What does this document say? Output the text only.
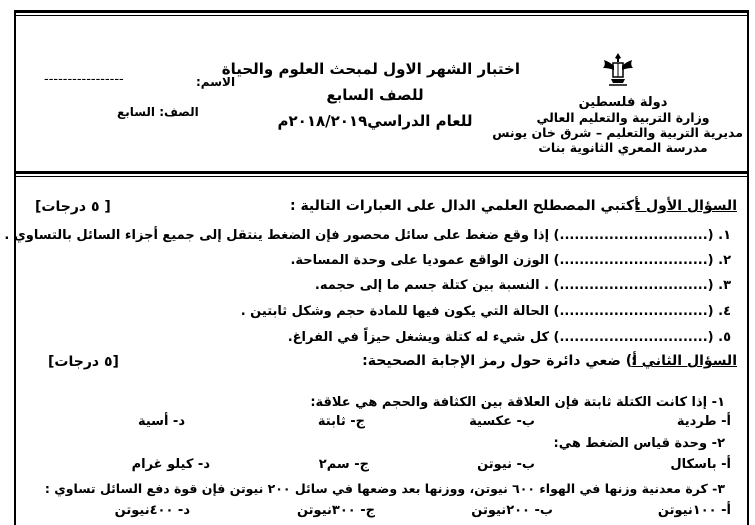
دولة فلسطين
وزارة التربية والتعليم العالي
مديرية التربية والتعليم – شرق خان يونس
مدرسة المعري الثانوية بنات
اختبار الشهر الاول لمبحث العلوم والحياة
للصف السابع
للعام الدراسي٢٠١٨/٢٠١٩م
الاسم:
-----------------
الصف: السابع
السؤال الأول :
أكتبي المصطلح العلمي الدال على العبارات التالية :
[٥ درجات ]
١. (..............................) إذا وقع ضغط على سائل محصور فإن الضغط ينتقل إلى جميع أجزاء السائل بالتساوي .
٢. (..............................) الوزن الواقع عموديا على وحدة المساحة.
٣. (..............................) . النسبة بين كتلة جسم ما إلى حجمه.
٤. (..............................) الحالة التي يكون فيها للمادة حجم وشكل ثابتين .
٥. (..............................) كل شيء له كتلة ويشغل حيزاً في الفراغ.
السؤال الثاني :
أ) ضعي دائرة حول رمز الإجابة الصحيحة:
[٥ درجات]
١- إذا كانت الكتلة ثابتة فإن العلاقة بين الكثافة والحجم هي علاقة:
أ- طردية
ب- عكسية
ج- ثابتة
د- أسية
٢- وحدة قياس الضغط هي:
أ- باسكال
ب- نيوتن
ج- سم٢
د- كيلو غرام
٣- كرة معدنية وزنها في الهواء ٦٠٠ نيوتن، ووزنها بعد وضعها في سائل ٢٠٠ نيوتن فإن قوة دفع السائل تساوي :
أ- ١٠٠نيوتن
ب- ٢٠٠نيوتن
ج- ٣٠٠نيوتن
د- ٤٠٠نيوتن
